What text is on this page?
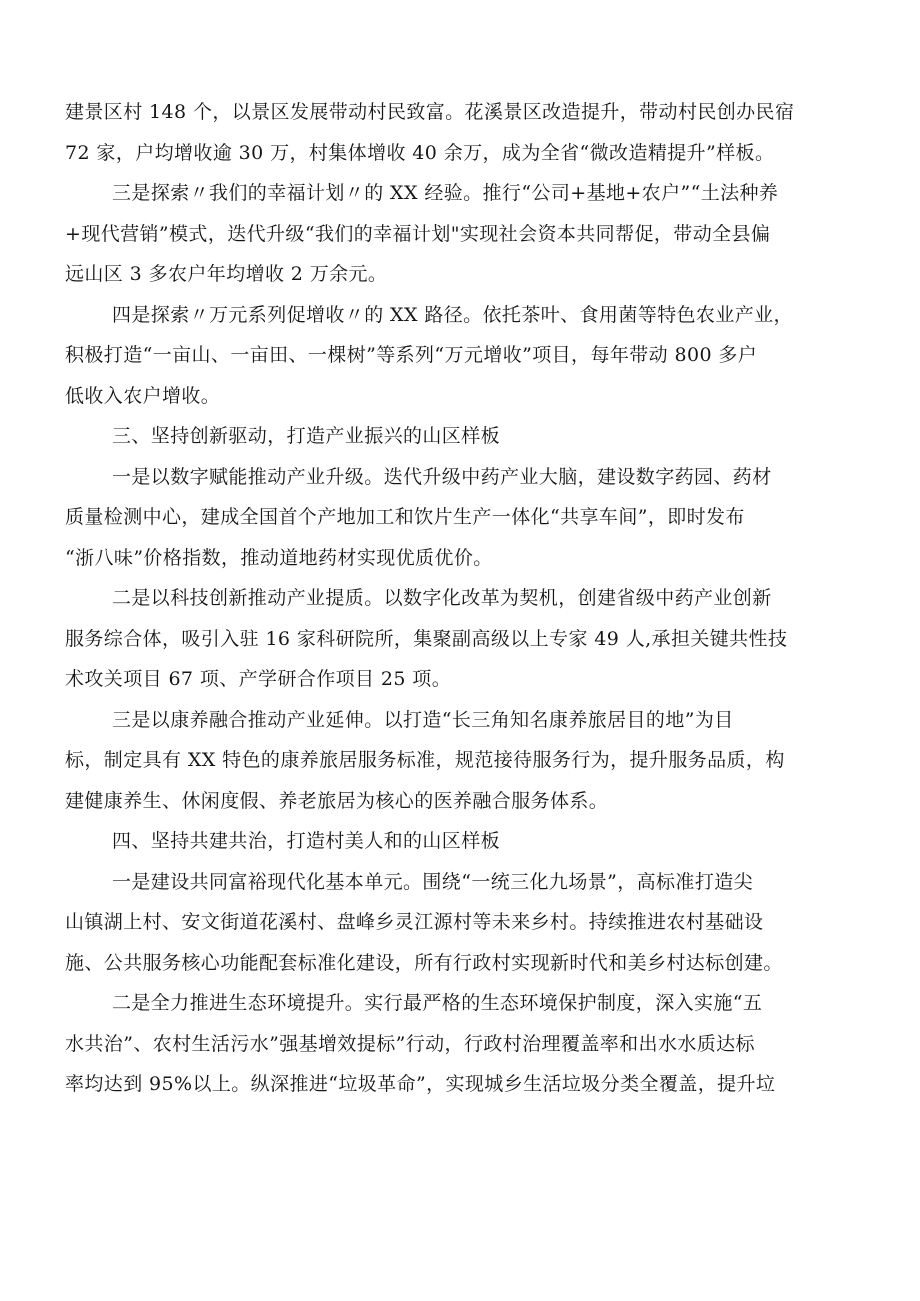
建景区村 148 个，以景区发展带动村民致富。花溪景区改造提升，带动村民创办民宿
72 家，户均增收逾 30 万，村集体增收 40 余万，成为全省“微改造精提升”样板。
三是探索〃我们的幸福计划〃的 XX 经验。推行“公司+基地+农户”“土法种养
+现代营销”模式，迭代升级“我们的幸福计划"实现社会资本共同帮促，带动全县偏
远山区 3 多农户年均增收 2 万余元。
四是探索〃万元系列促增收〃的 XX 路径。依托茶叶、食用菌等特色农业产业，
积极打造“一亩山、一亩田、一棵树”等系列“万元增收”项目，每年带动 800 多户
低收入农户增收。
三、坚持创新驱动，打造产业振兴的山区样板
一是以数字赋能推动产业升级。迭代升级中药产业大脑，建设数字药园、药材
质量检测中心，建成全国首个产地加工和饮片生产一体化“共享车间”，即时发布
“浙八味”价格指数，推动道地药材实现优质优价。
二是以科技创新推动产业提质。以数字化改革为契机，创建省级中药产业创新
服务综合体，吸引入驻 16 家科研院所，集聚副高级以上专家 49 人,承担关键共性技
术攻关项目 67 项、产学研合作项目 25 项。
三是以康养融合推动产业延伸。以打造“长三角知名康养旅居目的地”为目
标，制定具有 XX 特色的康养旅居服务标准，规范接待服务行为，提升服务品质，构
建健康养生、休闲度假、养老旅居为核心的医养融合服务体系。
四、坚持共建共治，打造村美人和的山区样板
一是建设共同富裕现代化基本单元。围绕“一统三化九场景”，高标准打造尖
山镇湖上村、安文街道花溪村、盘峰乡灵江源村等未来乡村。持续推进农村基础设
施、公共服务核心功能配套标准化建设，所有行政村实现新时代和美乡村达标创建。
二是全力推进生态环境提升。实行最严格的生态环境保护制度，深入实施“五
水共治”、农村生活污水”强基增效提标”行动，行政村治理覆盖率和出水水质达标
率均达到 95%以上。纵深推进“垃圾革命”，实现城乡生活垃圾分类全覆盖，提升垃
